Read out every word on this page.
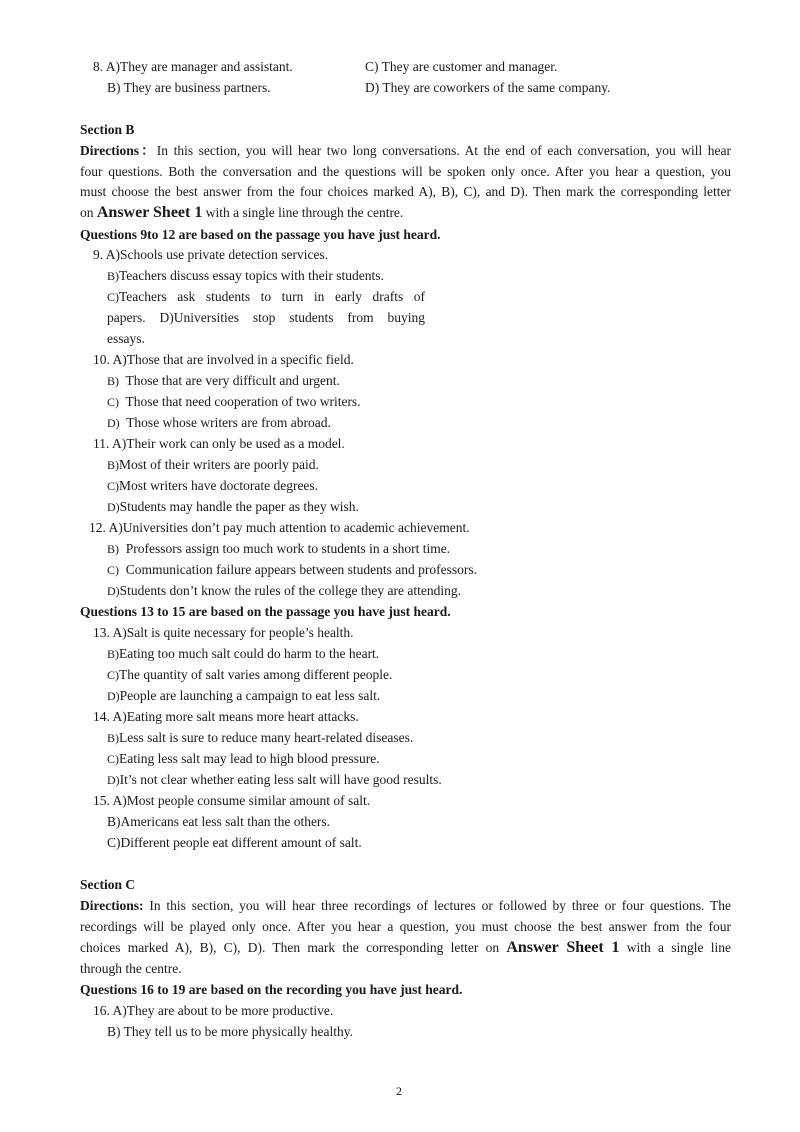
8. A)They are manager and assistant.	C) They are customer and manager.
B) They are business partners.	D) They are coworkers of the same company.
Section B
Directions：In this section, you will hear two long conversations. At the end of each conversation, you will hear
four questions. Both the conversation and the questions will be spoken only once. After you hear a question, you
must choose the best answer from the four choices marked A), B), C), and D). Then mark the corresponding letter
on Answer Sheet 1 with a single line through the centre.
Questions 9to 12 are based on the passage you have just heard.
9. A)Schools use private detection services.
B)Teachers discuss essay topics with their students.
C)Teachers ask students to turn in early drafts of
papers. D)Universities stop students from buying
essays.
10. A)Those that are involved in a specific field.
B) Those that are very difficult and urgent.
C) Those that need cooperation of two writers.
D) Those whose writers are from abroad.
11. A)Their work can only be used as a model.
B)Most of their writers are poorly paid.
C)Most writers have doctorate degrees.
D)Students may handle the paper as they wish.
12. A)Universities don’t pay much attention to academic achievement.
B) Professors assign too much work to students in a short time.
C) Communication failure appears between students and professors.
D)Students don’t know the rules of the college they are attending.
Questions 13 to 15 are based on the passage you have just heard.
13. A)Salt is quite necessary for people’s health.
B)Eating too much salt could do harm to the heart.
C)The quantity of salt varies among different people.
D)People are launching a campaign to eat less salt.
14. A)Eating more salt means more heart attacks.
B)Less salt is sure to reduce many heart-related diseases.
C)Eating less salt may lead to high blood pressure.
D)It’s not clear whether eating less salt will have good results.
15. A)Most people consume similar amount of salt.
B)Americans eat less salt than the others.
C)Different people eat different amount of salt.
Section C
Directions: In this section, you will hear three recordings of lectures or followed by three or four questions. The
recordings will be played only once. After you hear a question, you must choose the best answer from the four
choices marked A), B), C), D). Then mark the corresponding letter on Answer Sheet 1 with a single line
through the centre.
Questions 16 to 19 are based on the recording you have just heard.
16. A)They are about to be more productive.
B) They tell us to be more physically healthy.
2
